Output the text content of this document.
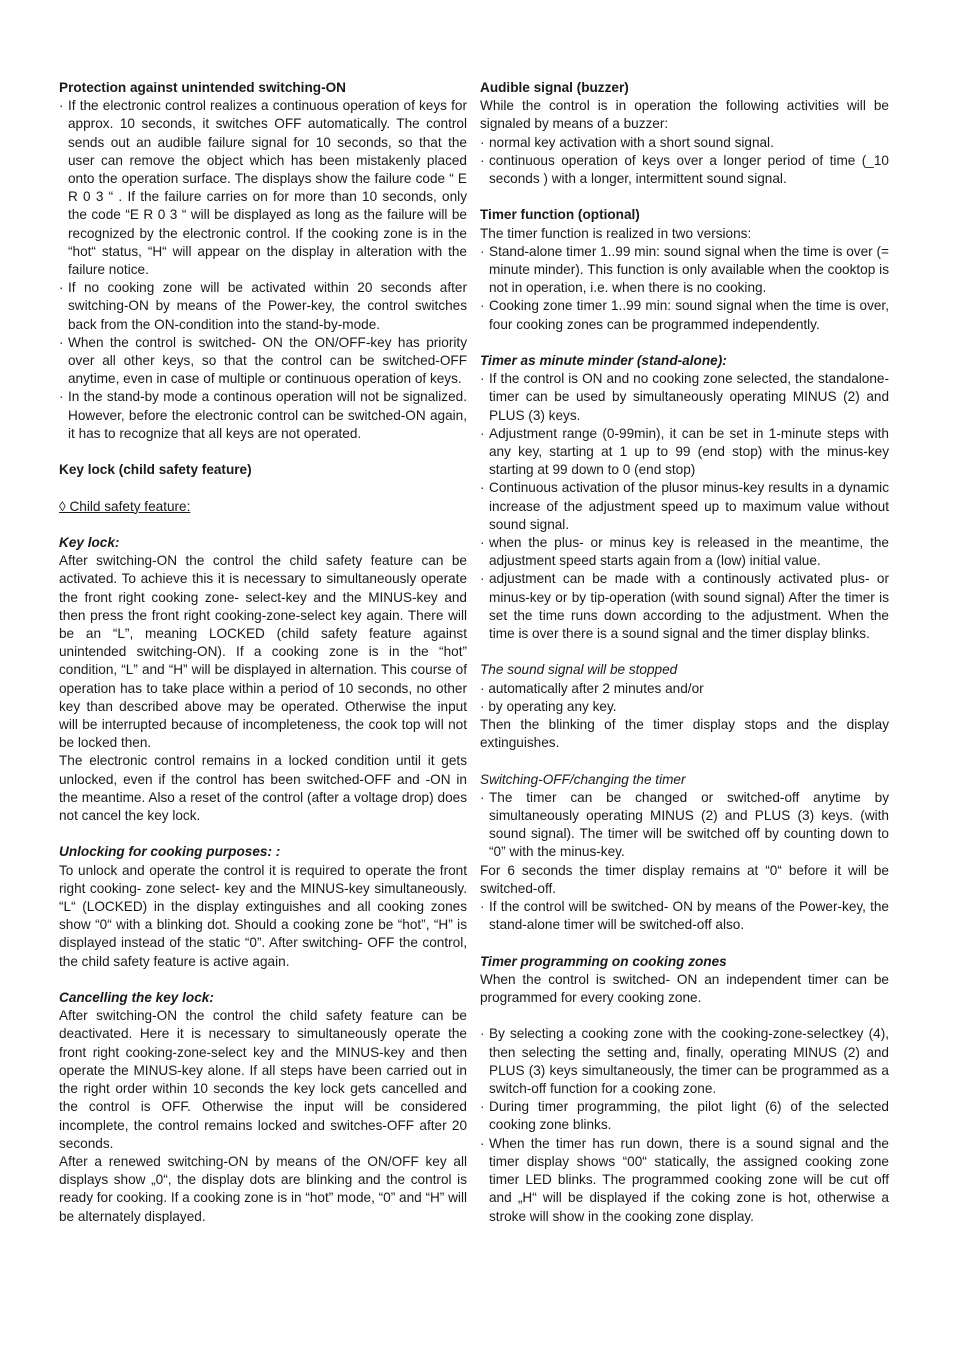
Protection against unintended switching-ON

· If the electronic control realizes a continuous operation of keys for approx. 10 seconds, it switches OFF automatically. The control sends out an audible failure signal for 10 seconds, so that the user can remove the object which has been mistakenly placed onto the operation surface. The displays show the failure code “ E R 0 3 “ . If the failure carries on for more than 10 seconds, only the code “E R 0 3 “ will be displayed as long as the failure will be recognized by the electronic control. If the cooking zone is in the “hot“ status, “H“ will appear on the display in alteration with the failure notice.

· If no cooking zone will be activated within 20 seconds after switching-ON by means of the Power-key, the control switches back from the ON-condition into the stand-by-mode.

· When the control is switched- ON the ON/OFF-key has priority over all other keys, so that the control can be switched-OFF anytime, even in case of multiple or continuous operation of keys.

· In the stand-by mode a continous operation will not be signalized. However, before the electronic control can be switched-ON again, it has to recognize that all keys are not operated.

Key lock (child safety feature)

◊ Child safety feature:

Key lock:

After switching-ON the control the child safety feature can be activated. To achieve this it is necessary to simultaneously operate the front right cooking zone- select-key and the MINUS-key and then press the front right cooking-zone-select key again. There will be an “L”, meaning LOCKED (child safety feature against unintended switching-ON). If a cooking zone is in the “hot” condition, “L” and “H” will be displayed in alternation. This course of operation has to take place within a period of 10 seconds, no other key than described above may be operated. Otherwise the input will be interrupted because of incompleteness, the cook top will not be locked then.

The electronic control remains in a locked condition until it gets unlocked, even if the control has been switched-OFF and -ON in the meantime. Also a reset of the control (after a voltage drop) does not cancel the key lock.

Unlocking for cooking purposes: :

To unlock and operate the control it is required to operate the front right cooking- zone select- key and the MINUS-key simultaneously. “L“ (LOCKED) in the display extinguishes and all cooking zones show “0“ with a blinking dot. Should a cooking zone be “hot”, “H” is displayed instead of the static “0”. After switching- OFF the control, the child safety feature is active again.

Cancelling the key lock:

After switching-ON the control the child safety feature can be deactivated. Here it is necessary to simultaneously operate the front right cooking-zone-select key and the MINUS-key and then operate the MINUS-key alone. If all steps have been carried out in the right order within 10 seconds the key lock gets cancelled and the control is OFF. Otherwise the input will be considered incomplete, the control remains locked and switches-OFF after 20 seconds.

After a renewed switching-ON by means of the ON/OFF key all displays show „0“, the display dots are blinking and the control is ready for cooking. If a cooking zone is in “hot” mode, “0” and “H” will be alternately displayed.

Audible signal (buzzer)

While the control is in operation the following activities will be signaled by means of a buzzer:

· normal key activation with a short sound signal.

· continuous operation of keys over a longer period of time (_10 seconds ) with a longer, intermittent sound signal.

Timer function (optional)

The timer function is realized in two versions:

· Stand-alone timer 1..99 min: sound signal when the time is over (= minute minder). This function is only available when the cooktop is not in operation, i.e. when there is no cooking.

· Cooking zone timer 1..99 min: sound signal when the time is over, four cooking zones can be programmed independently.

Timer as minute minder (stand-alone):

· If the control is ON and no cooking zone selected, the standalone-timer can be used by simultaneously operating MINUS (2) and PLUS (3) keys.

· Adjustment range (0-99min), it can be set in 1-minute steps with any key, starting at 1 up to 99 (end stop) with the minus-key starting at 99 down to 0 (end stop)

· Continuous activation of the plusor minus-key results in a dynamic increase of the adjustment speed up to maximum value without sound signal.

· when the plus- or minus key is released in the meantime, the adjustment speed starts again from a (low) initial value.

· adjustment can be made with a continously activated plus- or minus-key or by tip-operation (with sound signal) After the timer is set the time runs down according to the adjustment. When the time is over there is a sound signal and the timer display blinks.

The sound signal will be stopped

· automatically after 2 minutes and/or

· by operating any key.

Then the blinking of the timer display stops and the display extinguishes.

Switching-OFF/changing the timer

· The timer can be changed or switched-off anytime by simultaneously operating MINUS (2) and PLUS (3) keys. (with sound signal). The timer will be switched off by counting down to “0” with the minus-key.

For 6 seconds the timer display remains at “0“ before it will be switched-off.

· If the control will be switched- ON by means of the Power-key, the stand-alone timer will be switched-off also.

Timer programming on cooking zones

When the control is switched- ON an independent timer can be programmed for every cooking zone.

· By selecting a cooking zone with the cooking-zone-selectkey (4), then selecting the setting and, finally, operating MINUS (2) and PLUS (3) keys simultaneously, the timer can be programmed as a switch-off function for a cooking zone.

· During timer programming, the pilot light (6) of the selected cooking zone blinks.

· When the timer has run down, there is a sound signal and the timer display shows “00“ statically, the assigned cooking zone timer LED blinks. The programmed cooking zone will be cut off and „H“ will be displayed if the coking zone is hot, otherwise a stroke will show in the cooking zone display.
